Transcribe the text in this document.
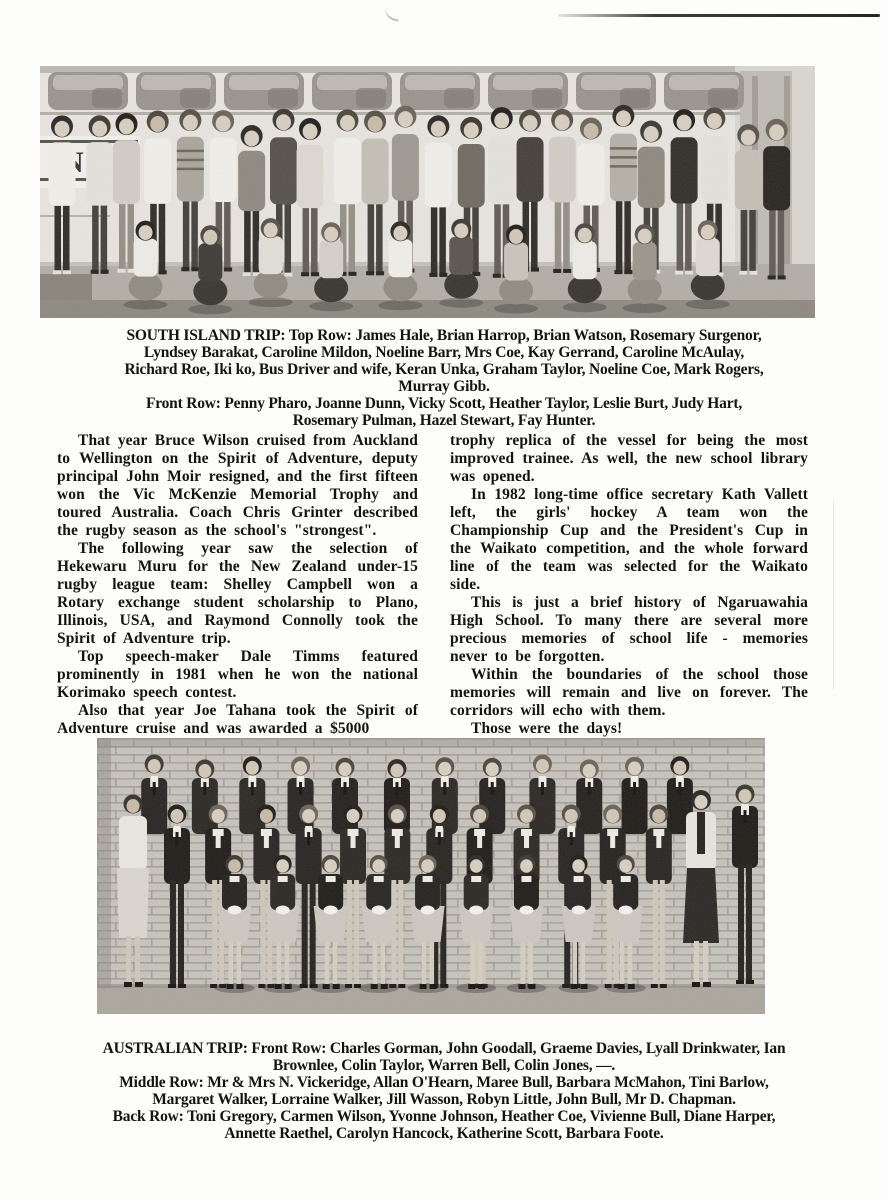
SOUTH ISLAND TRIP: Top Row: James Hale, Brian Harrop, Brian Watson, Rosemary Surgenor,
Lyndsey Barakat, Caroline Mildon, Noeline Barr, Mrs Coe, Kay Gerrand, Caroline McAulay,
Richard Roe, Iki ko, Bus Driver and wife, Keran Unka, Graham Taylor, Noeline Coe, Mark Rogers,
Murray Gibb.
Front Row: Penny Pharo, Joanne Dunn, Vicky Scott, Heather Taylor, Leslie Burt, Judy Hart,
Rosemary Pulman, Hazel Stewart, Fay Hunter.

That year Bruce Wilson cruised from Auckland to Wellington on the Spirit of Adventure, deputy principal John Moir resigned, and the first fifteen won the Vic McKenzie Memorial Trophy and toured Australia. Coach Chris Grinter described the rugby season as the school's "strongest".

The following year saw the selection of Hekewaru Muru for the New Zealand under-15 rugby league team: Shelley Campbell won a Rotary exchange student scholarship to Plano, Illinois, USA, and Raymond Connolly took the Spirit of Adventure trip.

Top speech-maker Dale Timms featured prominently in 1981 when he won the national Korimako speech contest.

Also that year Joe Tahana took the Spirit of Adventure cruise and was awarded a $5000

trophy replica of the vessel for being the most improved trainee. As well, the new school library was opened.

In 1982 long-time office secretary Kath Vallett left, the girls' hockey A team won the Championship Cup and the President's Cup in the Waikato competition, and the whole forward line of the team was selected for the Waikato side.

This is just a brief history of Ngaruawahia High School. To many there are several more precious memories of school life - memories never to be forgotten.

Within the boundaries of the school those memories will remain and live on forever. The corridors will echo with them.

Those were the days!

AUSTRALIAN TRIP: Front Row: Charles Gorman, John Goodall, Graeme Davies, Lyall Drinkwater, Ian
Brownlee, Colin Taylor, Warren Bell, Colin Jones, —.
Middle Row: Mr & Mrs N. Vickeridge, Allan O'Hearn, Maree Bull, Barbara McMahon, Tini Barlow,
Margaret Walker, Lorraine Walker, Jill Wasson, Robyn Little, John Bull, Mr D. Chapman.
Back Row: Toni Gregory, Carmen Wilson, Yvonne Johnson, Heather Coe, Vivienne Bull, Diane Harper,
Annette Raethel, Carolyn Hancock, Katherine Scott, Barbara Foote.
